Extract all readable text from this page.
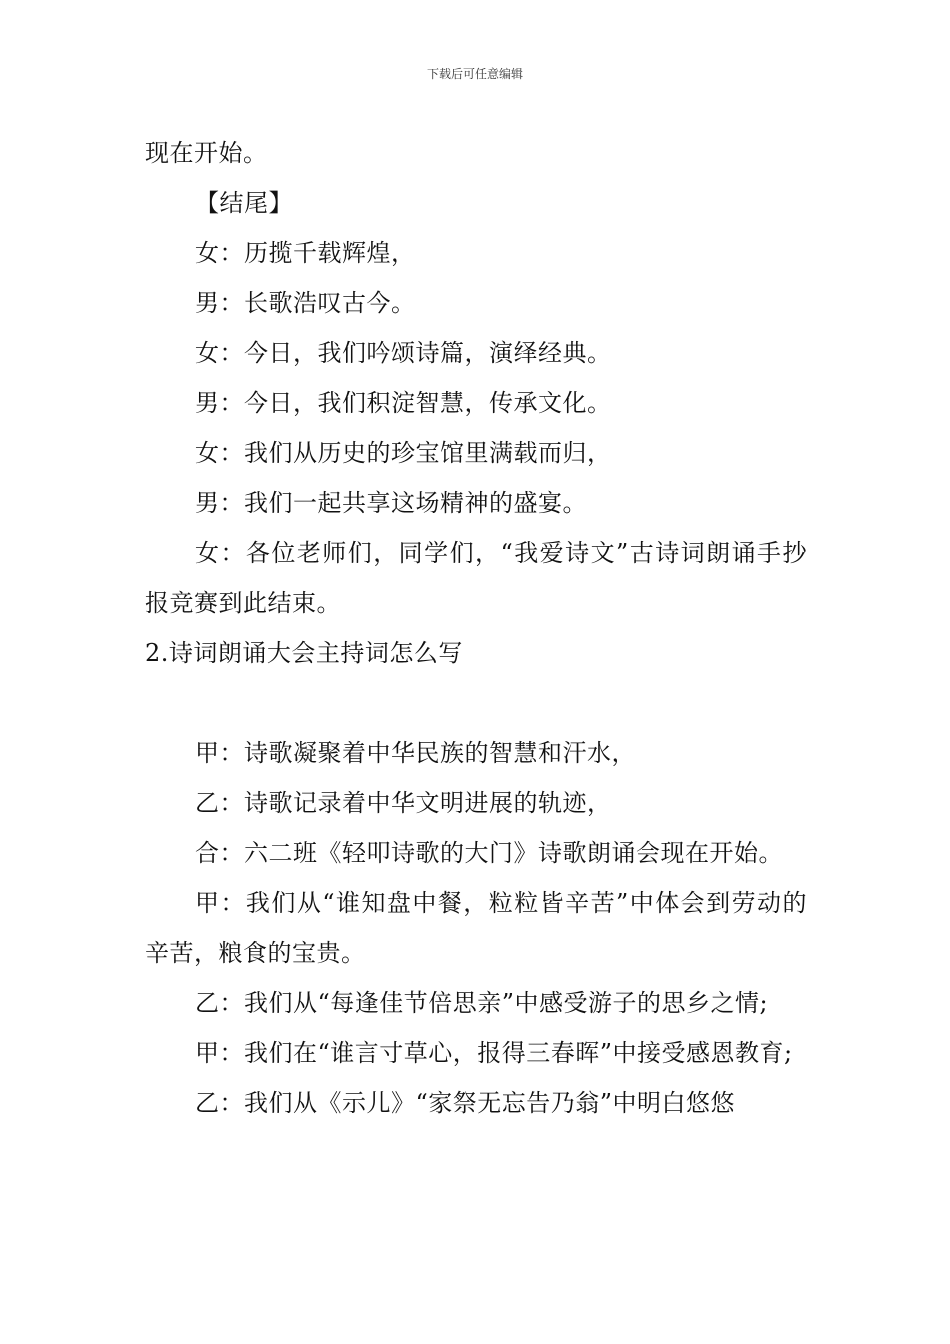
下载后可任意编辑

现在开始。

【结尾】

女：历揽千载辉煌，

男：长歌浩叹古今。

女：今日，我们吟颂诗篇，演绎经典。

男：今日，我们积淀智慧，传承文化。

女：我们从历史的珍宝馆里满载而归，

男：我们一起共享这场精神的盛宴。

女：各位老师们，同学们，“我爱诗文”古诗词朗诵手抄报竞赛到此结束。

2.诗词朗诵大会主持词怎么写

甲：诗歌凝聚着中华民族的智慧和汗水，

乙：诗歌记录着中华文明进展的轨迹，

合：六二班《轻叩诗歌的大门》诗歌朗诵会现在开始。

甲：我们从“谁知盘中餐，粒粒皆辛苦”中体会到劳动的辛苦，粮食的宝贵。

乙：我们从“每逢佳节倍思亲”中感受游子的思乡之情;

甲：我们在“谁言寸草心，报得三春晖”中接受感恩教育;

乙：我们从《示儿》“家祭无忘告乃翁”中明白悠悠
